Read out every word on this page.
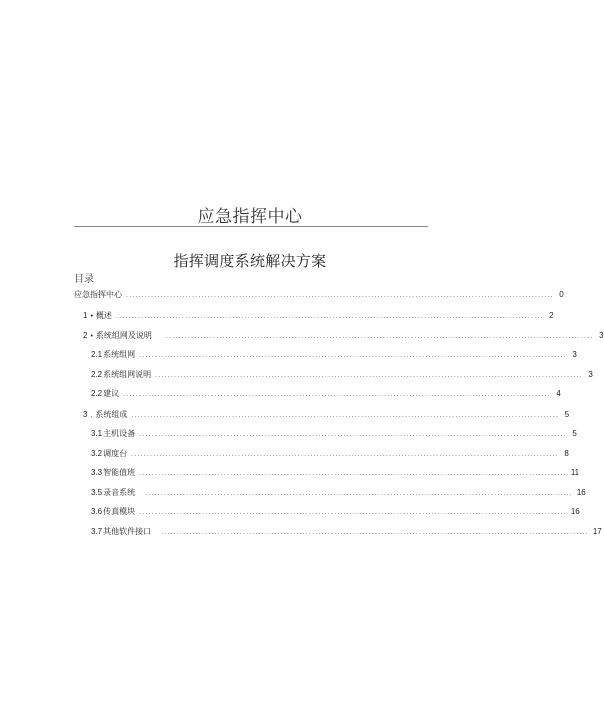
应急指挥中心
指挥调度系统解决方案
目录
应急指挥中心 ........................................................................................................................................ 0
1 • 概述 ........................................................................................................................................ 2
2 • 系统组网及说明 ........................................................................................................................................ 3
2.1 系统组网 ........................................................................................................................................ 3
2.2 系统组网说明 ........................................................................................................................................ 3
2.2 建议 ........................................................................................................................................ 4
3 . 系统组成 ........................................................................................................................................ 5
3.1 主机设备 ........................................................................................................................................ 5
3.2 调度台 ........................................................................................................................................ 8
3.3 智能值班 ........................................................................................................................................ 11
3.5 录音系统 ........................................................................................................................................ 16
3.6 传真模块 ........................................................................................................................................ 16
3.7 其他软件接口 ........................................................................................................................................ 17
